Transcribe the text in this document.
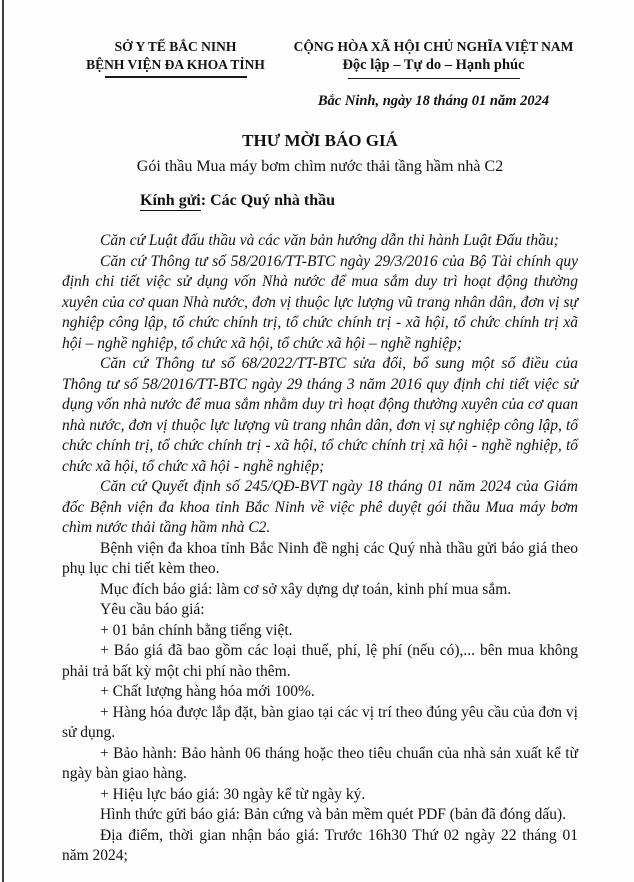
SỞ Y TẾ BẮC NINH
BỆNH VIỆN ĐA KHOA TỈNH
CỘNG HÒA XÃ HỘI CHỦ NGHĨA VIỆT NAM
Độc lập – Tự do – Hạnh phúc
Bắc Ninh, ngày 18 tháng 01 năm 2024
THƯ MỜI BÁO GIÁ
Gói thầu Mua máy bơm chìm nước thải tầng hầm nhà C2
Kính gửi: Các Quý nhà thầu

Căn cứ Luật đấu thầu và các văn bản hướng dẫn thi hành Luật Đấu thầu;

Căn cứ Thông tư số 58/2016/TT-BTC ngày 29/3/2016 của Bộ Tài chính quy định chi tiết việc sử dụng vốn Nhà nước để mua sắm duy trì hoạt động thường xuyên của cơ quan Nhà nước, đơn vị thuộc lực lượng vũ trang nhân dân, đơn vị sự nghiệp công lập, tổ chức chính trị, tổ chức chính trị - xã hội, tổ chức chính trị xã hội – nghề nghiệp, tổ chức xã hội, tổ chức xã hội – nghề nghiệp;

Căn cứ Thông tư số 68/2022/TT-BTC sửa đổi, bổ sung một số điều của Thông tư số 58/2016/TT-BTC ngày 29 tháng 3 năm 2016 quy định chi tiết việc sử dụng vốn nhà nước để mua sắm nhằm duy trì hoạt động thường xuyên của cơ quan nhà nước, đơn vị thuộc lực lượng vũ trang nhân dân, đơn vị sự nghiệp công lập, tổ chức chính trị, tổ chức chính trị - xã hội, tổ chức chính trị xã hội - nghề nghiệp, tổ chức xã hội, tổ chức xã hội - nghề nghiệp;

Căn cứ Quyết định số 245/QĐ-BVT ngày 18 tháng 01 năm 2024 của Giám đốc Bệnh viện đa khoa tỉnh Bắc Ninh về việc phê duyệt gói thầu Mua máy bơm chìm nước thải tầng hầm nhà C2.

Bệnh viện đa khoa tỉnh Bắc Ninh đề nghị các Quý nhà thầu gửi báo giá theo phụ lục chi tiết kèm theo.

Mục đích báo giá: làm cơ sở xây dựng dự toán, kinh phí mua sắm.

Yêu cầu báo giá:

+ 01 bản chính bằng tiếng việt.

+ Báo giá đã bao gồm các loại thuế, phí, lệ phí (nếu có),... bên mua không phải trả bất kỳ một chi phí nào thêm.

+ Chất lượng hàng hóa mới 100%.

+ Hàng hóa được lắp đặt, bàn giao tại các vị trí theo đúng yêu cầu của đơn vị sử dụng.

+ Bảo hành: Bảo hành 06 tháng hoặc theo tiêu chuẩn của nhà sản xuất kể từ ngày bàn giao hàng.

+ Hiệu lực báo giá: 30 ngày kể từ ngày ký.

Hình thức gửi báo giá: Bản cứng và bản mềm quét PDF (bản đã đóng dấu).

Địa điểm, thời gian nhận báo giá: Trước 16h30 Thứ 02 ngày 22 tháng 01 năm 2024;
